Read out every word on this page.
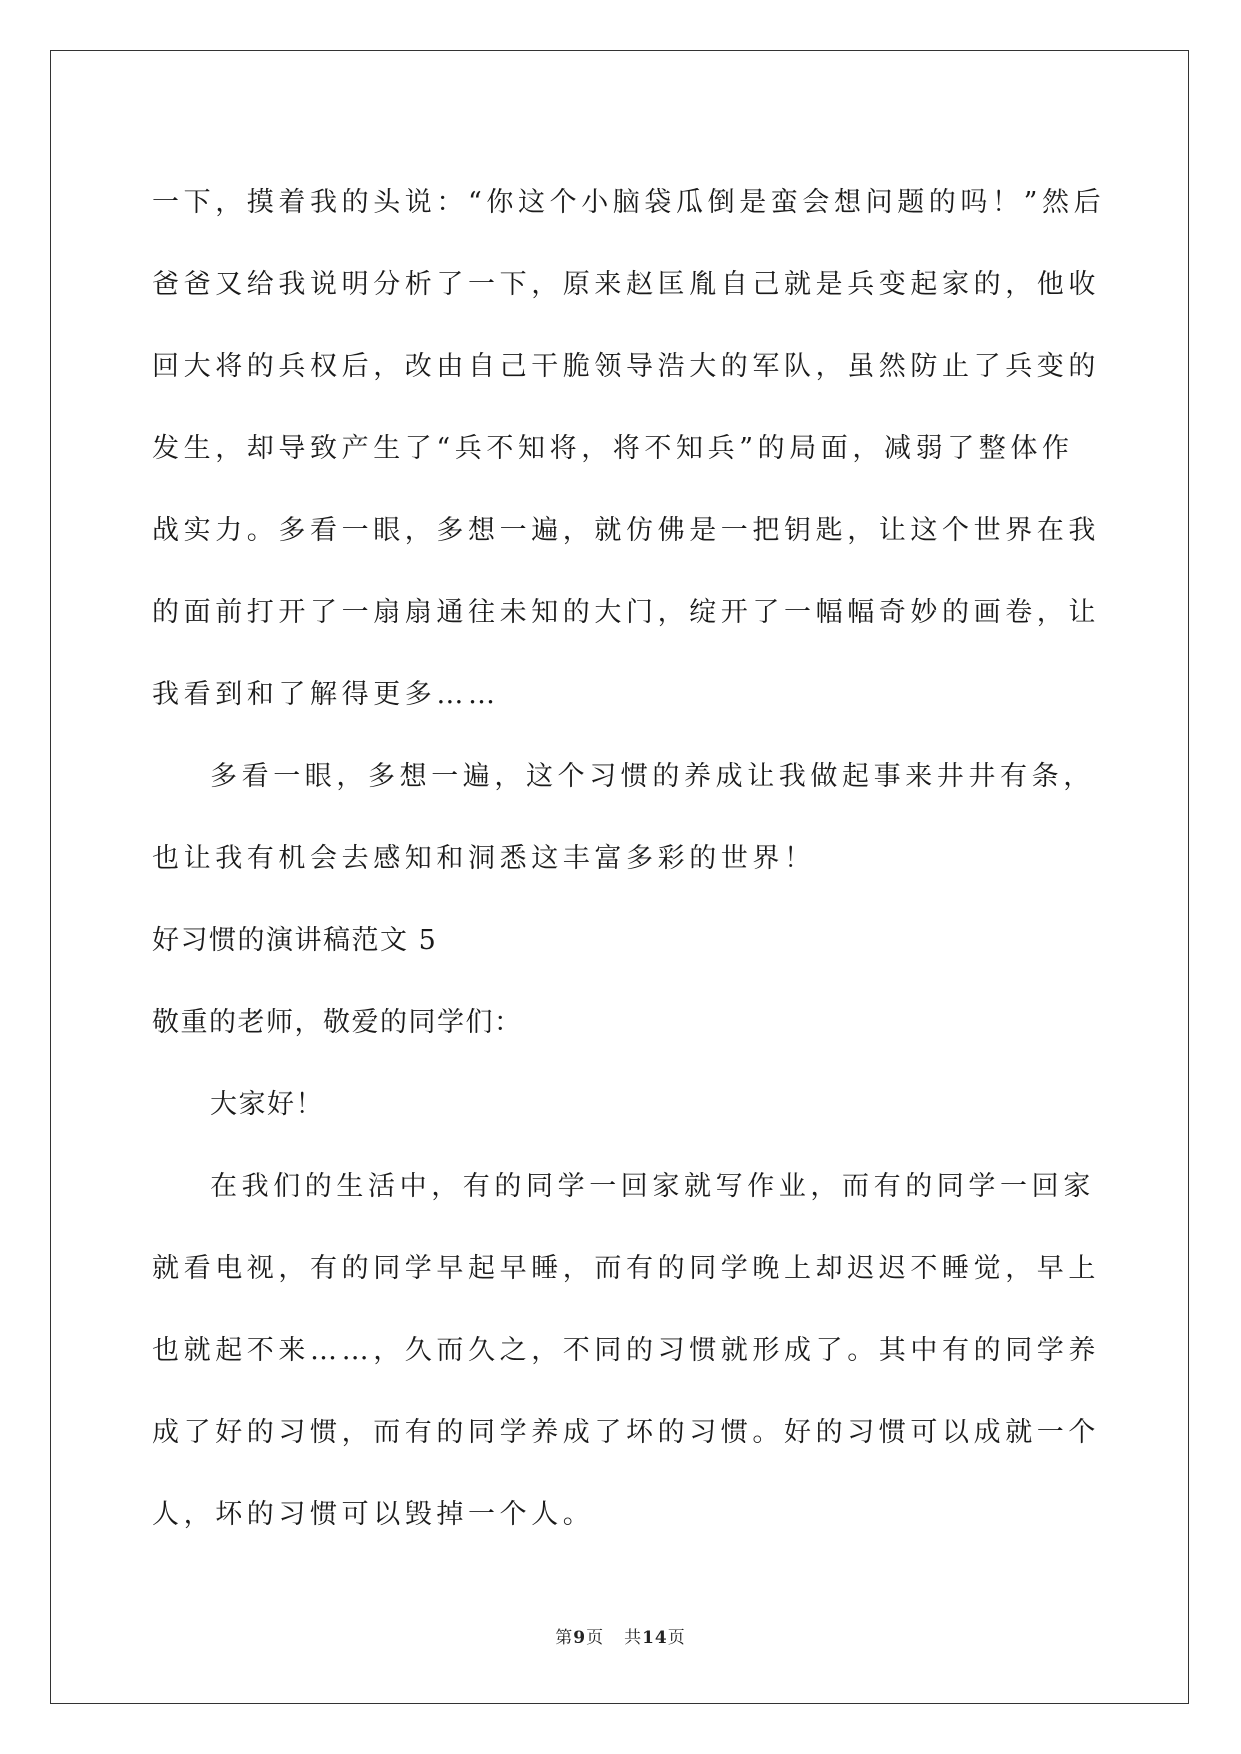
一下，摸着我的头说：“你这个小脑袋瓜倒是蛮会想问题的吗！”然后
爸爸又给我说明分析了一下，原来赵匡胤自己就是兵变起家的，他收
回大将的兵权后，改由自己干脆领导浩大的军队，虽然防止了兵变的
发生，却导致产生了“兵不知将，将不知兵”的局面，减弱了整体作
战实力。多看一眼，多想一遍，就仿佛是一把钥匙，让这个世界在我
的面前打开了一扇扇通往未知的大门，绽开了一幅幅奇妙的画卷，让
我看到和了解得更多……

多看一眼，多想一遍，这个习惯的养成让我做起事来井井有条，
也让我有机会去感知和洞悉这丰富多彩的世界！

好习惯的演讲稿范文 5
敬重的老师，敬爱的同学们：
大家好！

在我们的生活中，有的同学一回家就写作业，而有的同学一回家
就看电视，有的同学早起早睡，而有的同学晚上却迟迟不睡觉，早上
也就起不来……，久而久之，不同的习惯就形成了。其中有的同学养
成了好的习惯，而有的同学养成了坏的习惯。好的习惯可以成就一个
人，坏的习惯可以毁掉一个人。

第9页 共14页
